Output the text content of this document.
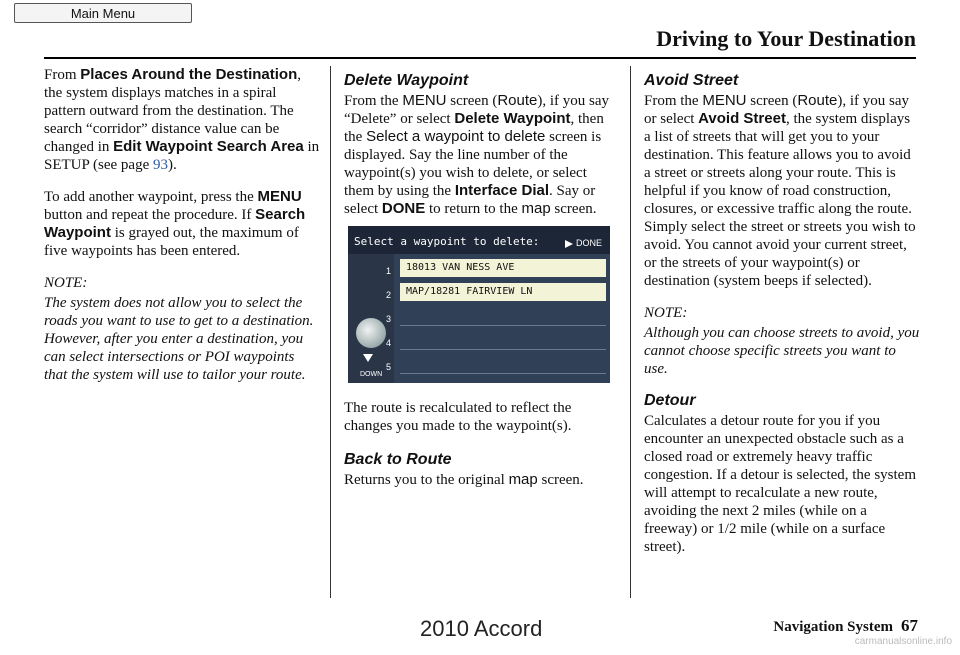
Main Menu
Driving to Your Destination

From Places Around the Destination, the system displays matches in a spiral pattern outward from the destination. The search “corridor” distance value can be changed in Edit Waypoint Search Area in SETUP (see page 93).

To add another waypoint, press the MENU button and repeat the procedure. If Search Waypoint is grayed out, the maximum of five waypoints has been entered.

NOTE:

The system does not allow you to select the roads you want to use to get to a destination. However, after you enter a destination, you can select intersections or POI waypoints that the system will use to tailor your route.

Delete Waypoint

From the MENU screen (Route), if you say “Delete” or select Delete Waypoint, then the Select a waypoint to delete screen is displayed. Say the line number of the waypoint(s) you wish to delete, or select them by using the Interface Dial. Say or select DONE to return to the map screen.

Select a waypoint to delete:	DONE
DOWN
1	18013 VAN NESS AVE
2	MAP/18281 FAIRVIEW LN
3
4
5

The route is recalculated to reflect the changes you made to the waypoint(s).

Back to Route

Returns you to the original map screen.

Avoid Street

From the MENU screen (Route), if you say or select Avoid Street, the system displays a list of streets that will get you to your destination. This feature allows you to avoid a street or streets along your route. This is helpful if you know of road construction, closures, or excessive traffic along the route. Simply select the street or streets you wish to avoid. You cannot avoid your current street, or the streets of your waypoint(s) or destination (system beeps if selected).

NOTE:

Although you can choose streets to avoid, you cannot choose specific streets you want to use.

Detour

Calculates a detour route for you if you encounter an unexpected obstacle such as a closed road or extremely heavy traffic congestion. If a detour is selected, the system will attempt to recalculate a new route, avoiding the next 2 miles (while on a freeway) or 1/2 mile (while on a surface street).

2010 Accord	Navigation System 67
carmanualsonline.info
